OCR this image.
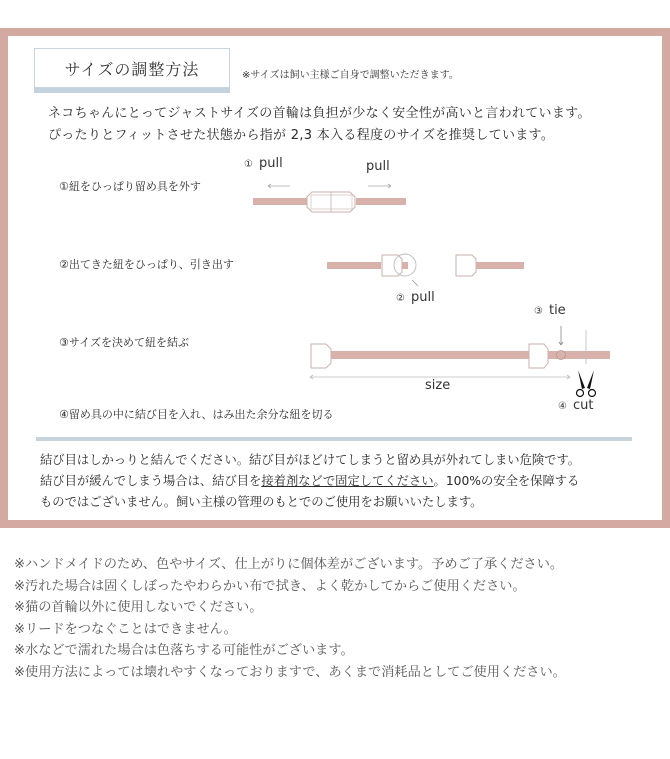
サイズの調整方法	※サイズは飼い主様ご自身で調整いただきます。
ネコちゃんにとってジャストサイズの首輪は負担が少なく安全性が高いと言われています。
ぴったりとフィットさせた状態から指が 2,3 本入る程度のサイズを推奨しています。
①紐をひっぱり留め具を外す
②出てきた紐をひっぱり、引き出す
③サイズを決めて紐を結ぶ
④留め具の中に結び目を入れ、はみ出た余分な紐を切る
① pull	pull
② pull
③ tie
size
④ cut
結び目はしかっりと結んでください。結び目がほどけてしまうと留め具が外れてしまい危険です。
結び目が緩んでしまう場合は、結び目を接着剤などで固定してください。100%の安全を保障する
ものではございません。飼い主様の管理のもとでのご使用をお願いいたします。
※ハンドメイドのため、色やサイズ、仕上がりに個体差がございます。予めご了承ください。
※汚れた場合は固くしぼったやわらかい布で拭き、よく乾かしてからご使用ください。
※猫の首輪以外に使用しないでください。
※リードをつなぐことはできません。
※水などで濡れた場合は色落ちする可能性がございます。
※使用方法によっては壊れやすくなっておりますで、あくまで消耗品としてご使用ください。
